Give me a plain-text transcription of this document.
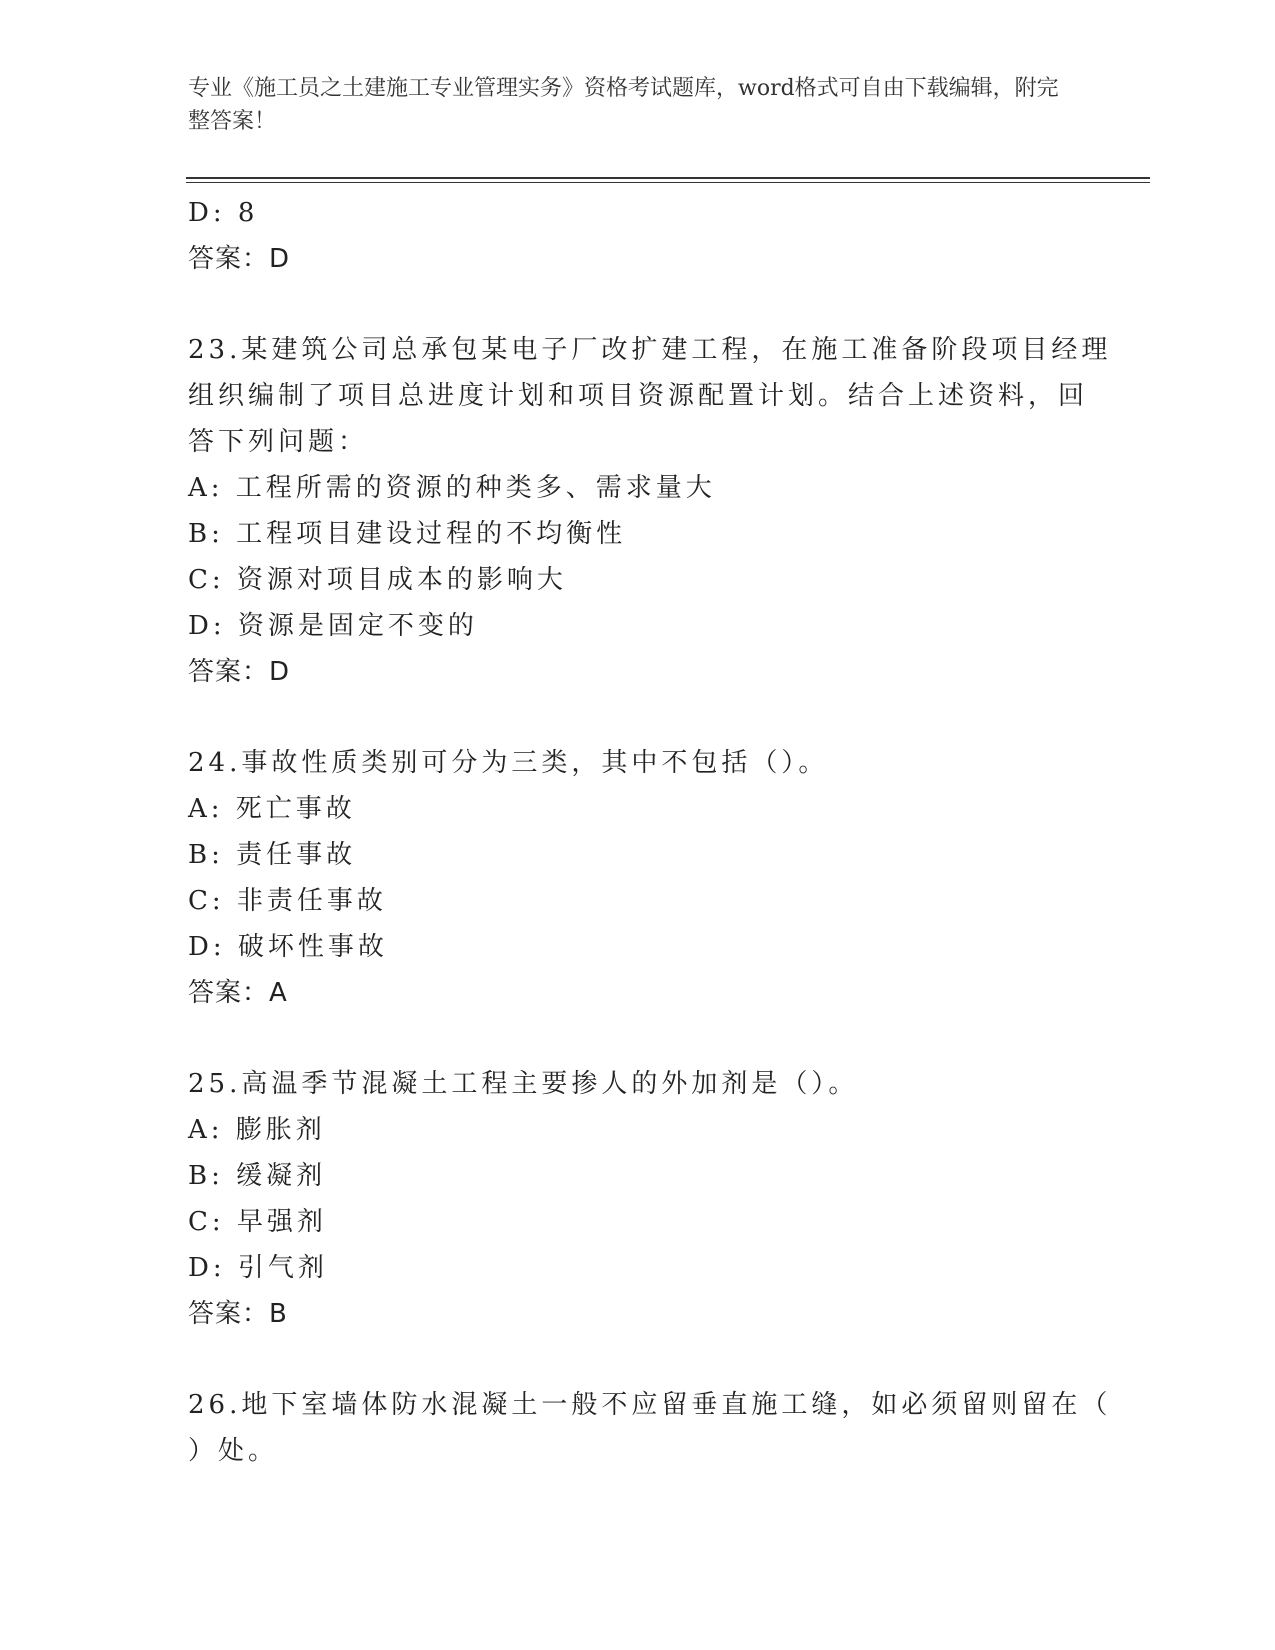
专业《施工员之土建施工专业管理实务》资格考试题库，word格式可自由下载编辑，附完整答案！
D: 8
答案：D
23.某建筑公司总承包某电子厂改扩建工程，在施工准备阶段项目经理
组织编制了项目总进度计划和项目资源配置计划。结合上述资料，回
答下列问题：
A: 工程所需的资源的种类多、需求量大
B: 工程项目建设过程的不均衡性
C: 资源对项目成本的影响大
D: 资源是固定不变的
答案：D
24.事故性质类别可分为三类，其中不包括（）。
A: 死亡事故
B: 责任事故
C: 非责任事故
D: 破坏性事故
答案：A
25.高温季节混凝土工程主要掺人的外加剂是（）。
A: 膨胀剂
B: 缓凝剂
C: 早强剂
D: 引气剂
答案：B
26.地下室墙体防水混凝土一般不应留垂直施工缝，如必须留则留在（
）处。
